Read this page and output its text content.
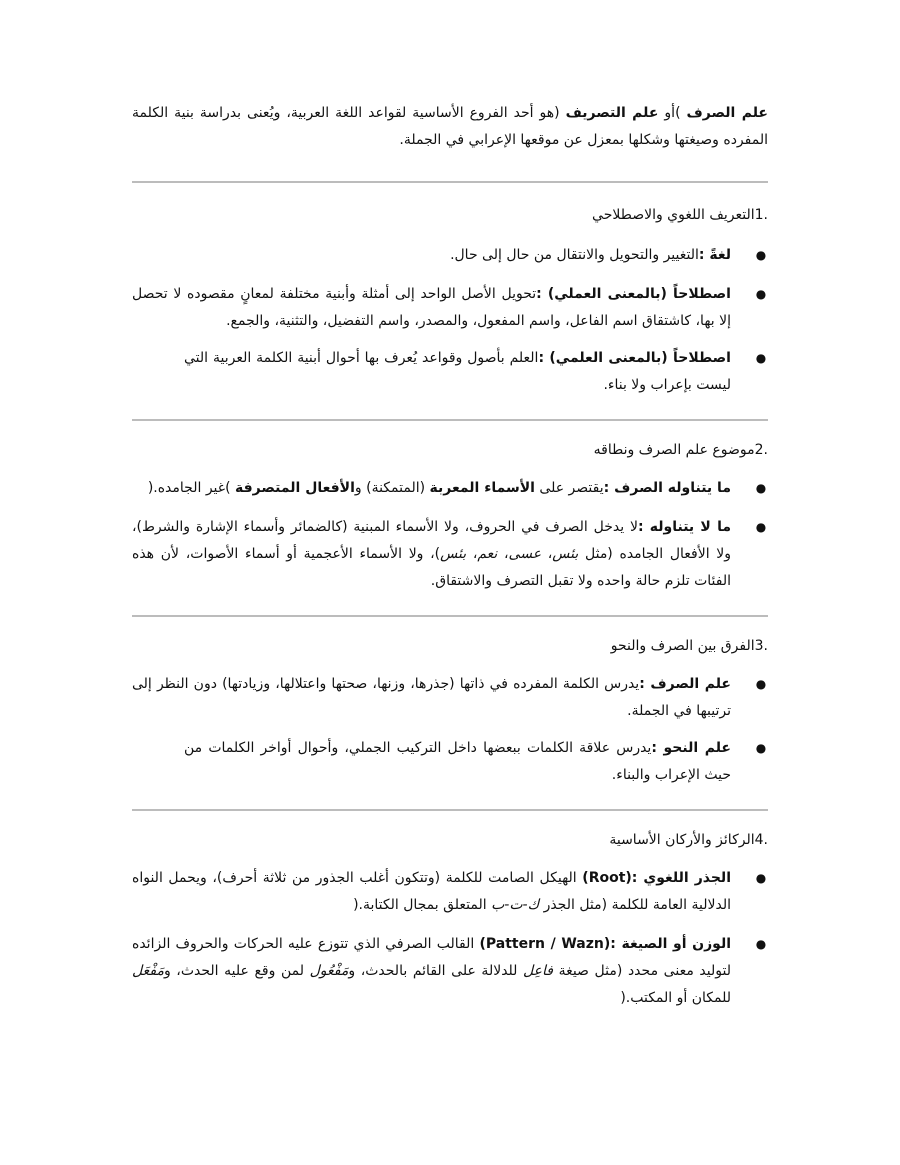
علم الصرف )أو علم التصريف (هو أحد الفروع الأساسية لقواعد اللغة العربية، ويُعنى بدراسة بنية الكلمة المفرده وصيغتها وشكلها بمعزل عن موقعها الإعرابي في الجملة.

.1التعريف اللغوي والاصطلاحي

●
لغةً :التغيير والتحويل والانتقال من حال إلى حال.
●
اصطلاحاً (بالمعنى العملي) :تحويل الأصل الواحد إلى أمثلة وأبنية مختلفة لمعانٍ مقصوده لا تحصل إلا بها، كاشتقاق اسم الفاعل، واسم المفعول، والمصدر، واسم التفضيل، والتثنية، والجمع.
●
اصطلاحاً (بالمعنى العلمي) :العلم بأصول وقواعد يُعرف بها أحوال أبنية الكلمة العربية التي ليست بإعراب ولا بناء.

.2موضوع علم الصرف ونطاقه

●
ما يتناوله الصرف :يقتصر على الأسماء المعربة (المتمكنة) والأفعال المتصرفة )غير الجامده.(
●
ما لا يتناوله :لا يدخل الصرف في الحروف، ولا الأسماء المبنية (كالضمائر وأسماء الإشارة والشرط)، ولا الأفعال الجامده (مثل بئس، عسى، نعم، بئس)، ولا الأسماء الأعجمية أو أسماء الأصوات، لأن هذه الفئات تلزم حالة واحده ولا تقبل التصرف والاشتقاق.

.3الفرق بين الصرف والنحو

●
علم الصرف :يدرس الكلمة المفرده في ذاتها (جذرها، وزنها، صحتها واعتلالها، وزيادتها) دون النظر إلى ترتيبها في الجملة.
●
علم النحو :يدرس علاقة الكلمات ببعضها داخل التركيب الجملي، وأحوال أواخر الكلمات من حيث الإعراب والبناء.

.4الركائز والأركان الأساسية

●
الجذر اللغوي :(Root) الهيكل الصامت للكلمة (وتتكون أغلب الجذور من ثلاثة أحرف)، ويحمل النواه الدلالية العامة للكلمة (مثل الجذر ك-ت-ب المتعلق بمجال الكتابة.(
●
الوزن أو الصيغة :(Pattern / Wazn) القالب الصرفي الذي تتوزع عليه الحركات والحروف الزائده لتوليد معنى محدد (مثل صيغة فاعِل للدلالة على القائم بالحدث، ومَفْعُول لمن وقع عليه الحدث، ومَفْعَل للمكان أو المكتب.(
